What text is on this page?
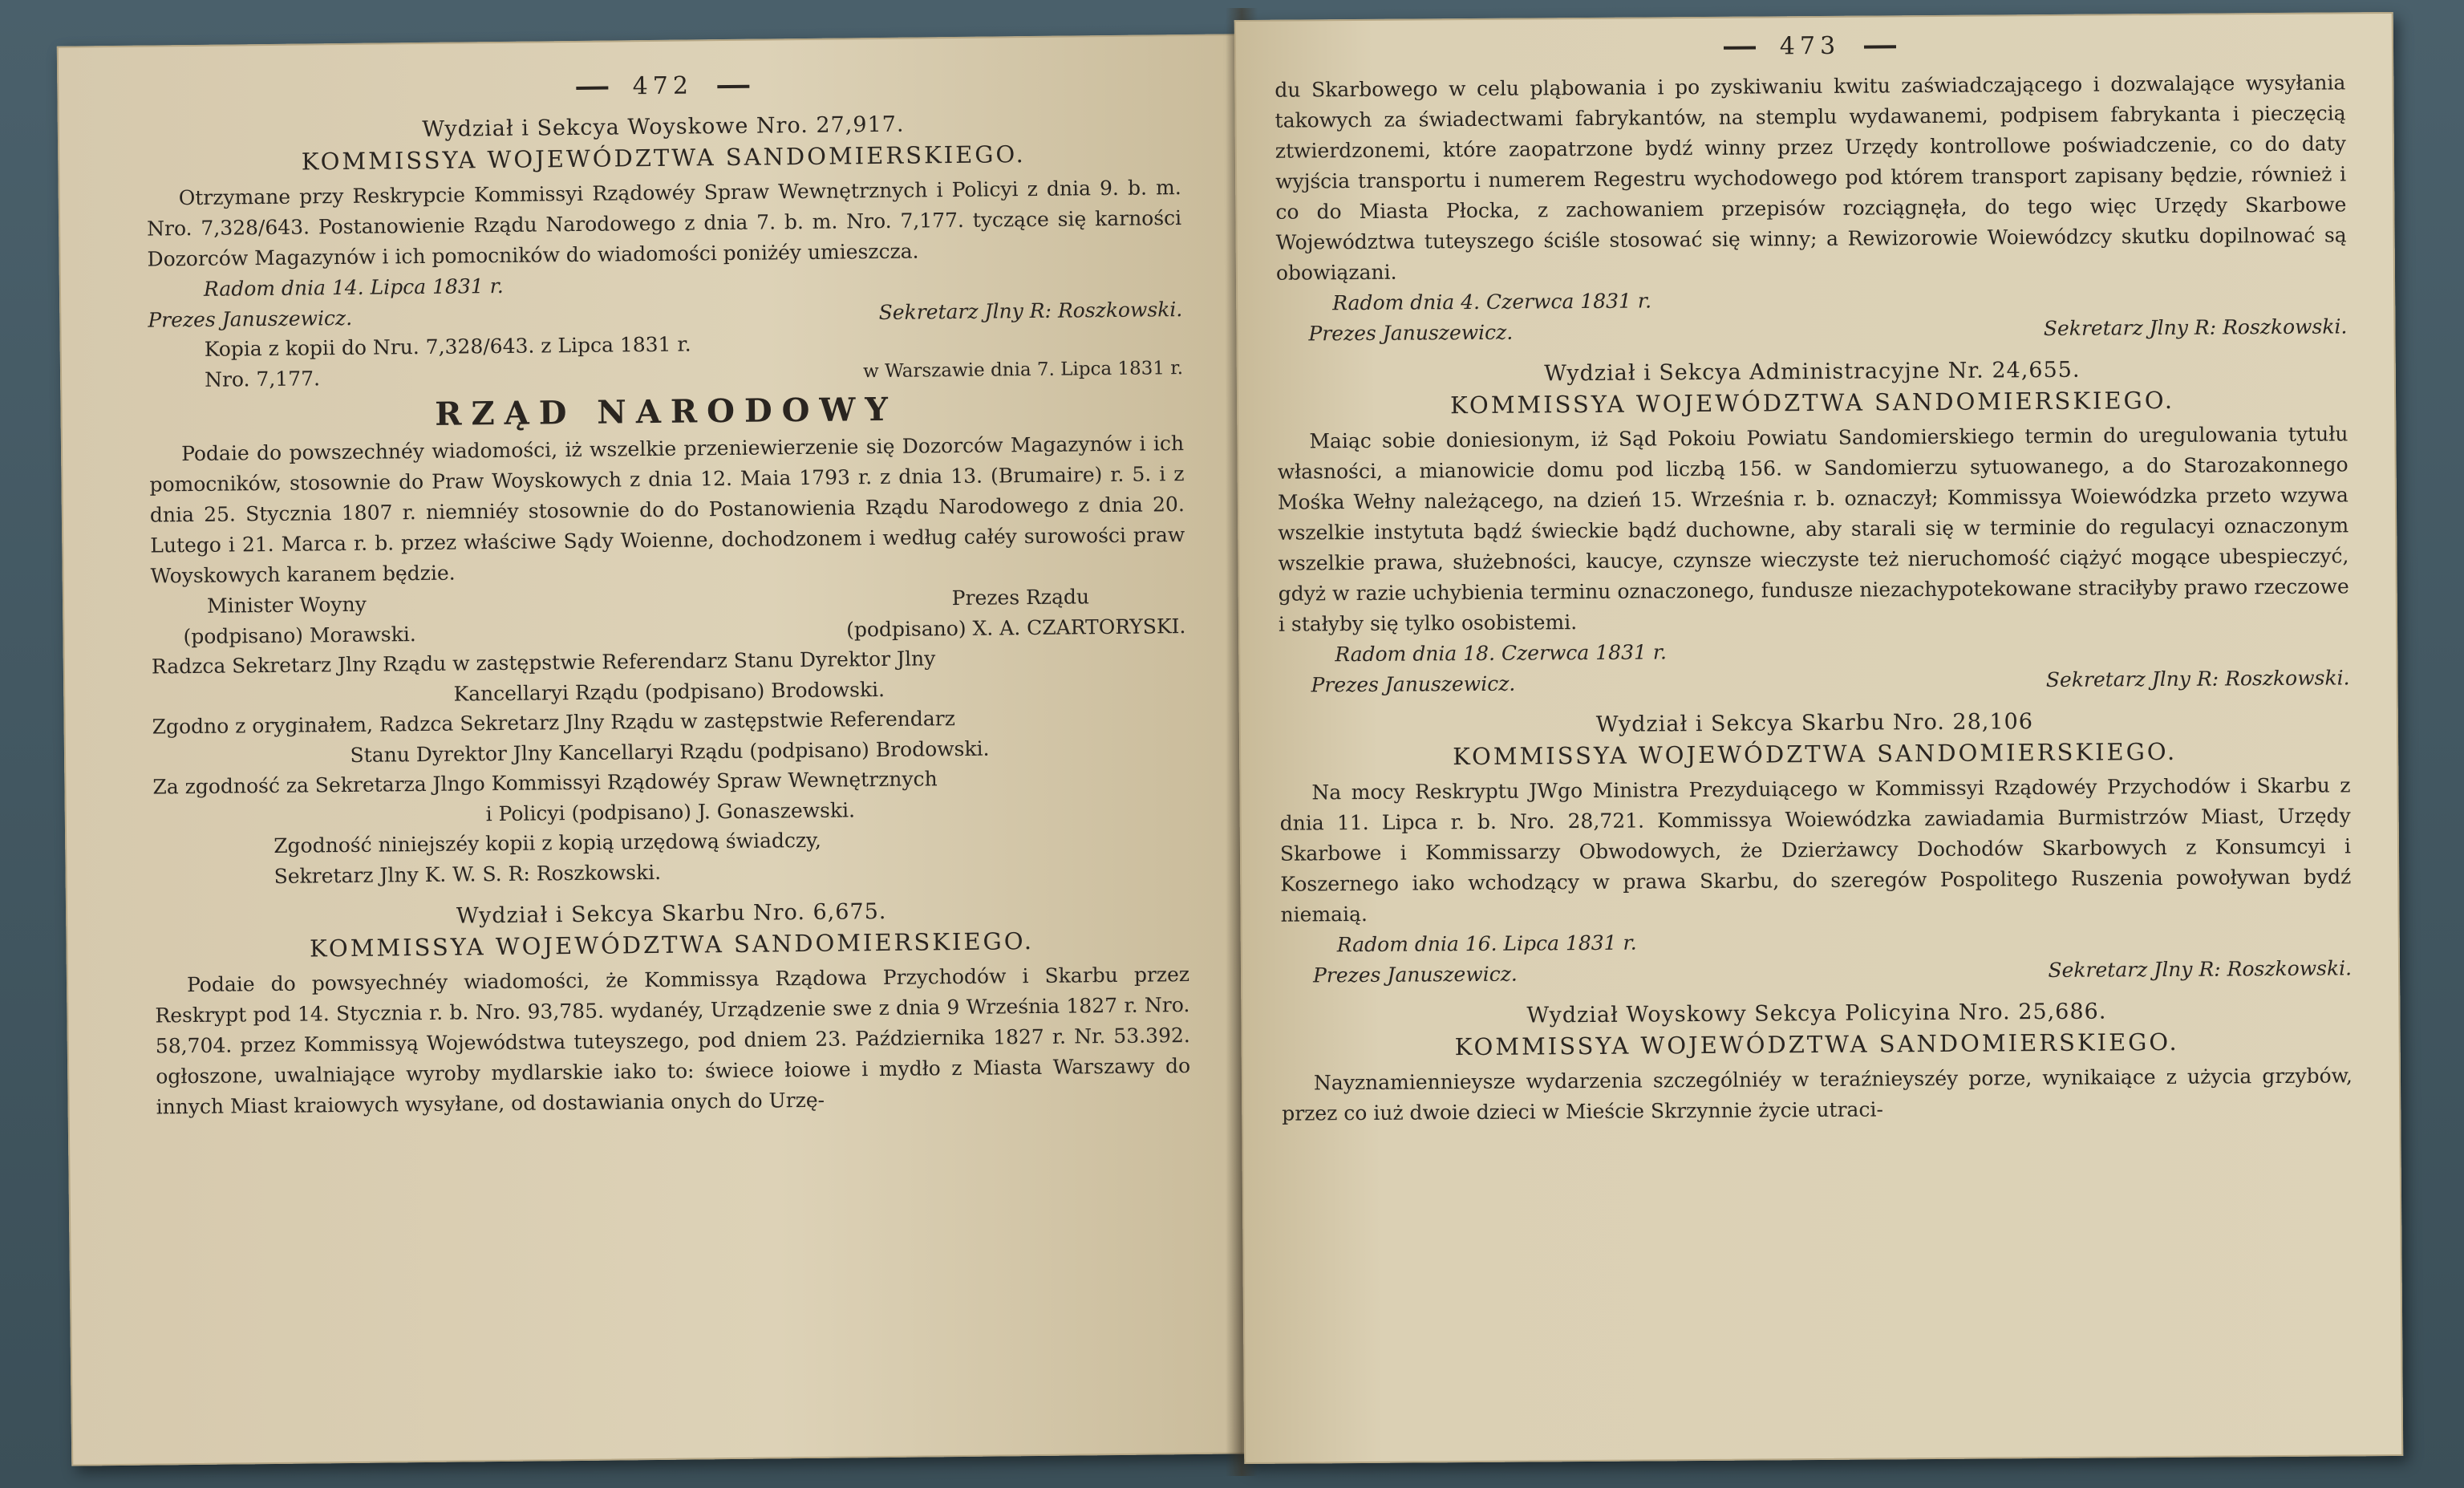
472
Wydział i Sekcya Woyskowe Nro. 27,917.
KOMMISSYA WOJEWÓDZTWA SANDOMIERSKIEGO.

Otrzymane przy Reskrypcie Kommissyi Rządowéy Spraw Wewnętrznych i Policyi z dnia 9. b. m. Nro. 7,328/643. Postanowienie Rządu Narodowego z dnia 7. b. m. Nro. 7,177. tyczące się karności Dozorców Magazynów i ich pomocników do wiadomości poniżéy umieszcza.

Radom dnia 14. Lipca 1831 r.

Prezes Januszewicz.	Sekretarz Jlny R: Roszkowski.

Kopia z kopii do Nru. 7,328/643. z Lipca 1831 r.

Nro. 7,177.	w Warszawie dnia 7. Lipca 1831 r.
RZĄD NARODOWY

Podaie do powszechnéy wiadomości, iż wszelkie przeniewierzenie się Dozorców Magazynów i ich pomocników, stosownie do Praw Woyskowych z dnia 12. Maia 1793 r. z dnia 13. (Brumaire) r. 5. i z dnia 25. Stycznia 1807 r. niemniéy stosownie do do Postanowienia Rządu Narodowego z dnia 20. Lutego i 21. Marca r. b. przez właściwe Sądy Woienne, dochodzonem i według całéy surowości praw Woyskowych karanem będzie.

Minister Woyny	Prezes Rządu
(podpisano) Morawski.	(podpisano) X. A. CZARTORYSKI.

Radzca Sekretarz Jlny Rządu w zastępstwie Referendarz Stanu Dyrektor Jlny

Kancellaryi Rządu (podpisano) Brodowski.

Zgodno z oryginałem, Radzca Sekretarz Jlny Rządu w zastępstwie Referendarz

Stanu Dyrektor Jlny Kancellaryi Rządu (podpisano) Brodowski.

Za zgodność za Sekretarza Jlngo Kommissyi Rządowéy Spraw Wewnętrznych

i Policyi (podpisano) J. Gonaszewski.

Zgodność niniejszéy kopii z kopią urzędową świadczy,

Sekretarz Jlny K. W. S. R: Roszkowski.

Wydział i Sekcya Skarbu Nro. 6,675.
KOMMISSYA WOJEWÓDZTWA SANDOMIERSKIEGO.

Podaie do powsyechnéy wiadomości, że Kommissya Rządowa Przychodów i Skarbu przez Reskrypt pod 14. Stycznia r. b. Nro. 93,785. wydanéy, Urządzenie swe z dnia 9 Września 1827 r. Nro. 58,704. przez Kommissyą Wojewódstwa tuteyszego, pod dniem 23. Października 1827 r. Nr. 53.392. ogłoszone, uwalniające wyroby mydlarskie iako to: świece łoiowe i mydło z Miasta Warszawy do innych Miast kraiowych wysyłane, od dostawiania onych do Urzę-

473

du Skarbowego w celu pląbowania i po zyskiwaniu kwitu zaświadczającego i dozwalające wysyłania takowych za świadectwami fabrykantów, na stemplu wydawanemi, podpisem fabrykanta i pieczęcią ztwierdzonemi, które zaopatrzone bydź winny przez Urzędy kontrollowe poświadczenie, co do daty wyjścia transportu i numerem Regestru wychodowego pod którem transport zapisany będzie, również i co do Miasta Płocka, z zachowaniem przepisów rozciągnęła, do tego więc Urzędy Skarbowe Województwa tuteyszego ściśle stosować się winny; a Rewizorowie Woiewódzcy skutku dopilnować są obowiązani.

Radom dnia 4. Czerwca 1831 r.

Prezes Januszewicz.	Sekretarz Jlny R: Roszkowski.
Wydział i Sekcya Administracyjne Nr. 24,655.
KOMMISSYA WOJEWÓDZTWA SANDOMIERSKIEGO.

Maiąc sobie doniesionym, iż Sąd Pokoiu Powiatu Sandomierskiego termin do uregulowania tytułu własności, a mianowicie domu pod liczbą 156. w Sandomierzu sytuowanego, a do Starozakonnego Mośka Wełny należącego, na dzień 15. Września r. b. oznaczył; Kommissya Woiewódzka przeto wzywa wszelkie instytuta bądź świeckie bądź duchowne, aby starali się w terminie do regulacyi oznaczonym wszelkie prawa, służebności, kaucye, czynsze wieczyste też nieruchomość ciążyć mogące ubespieczyć, gdyż w razie uchybienia terminu oznaczonego, fundusze niezachypotekowane straciłyby prawo rzeczowe i stałyby się tylko osobistemi.

Radom dnia 18. Czerwca 1831 r.

Prezes Januszewicz.	Sekretarz Jlny R: Roszkowski.
Wydział i Sekcya Skarbu Nro. 28,106
KOMMISSYA WOJEWÓDZTWA SANDOMIERSKIEGO.

Na mocy Reskryptu JWgo Ministra Prezyduiącego w Kommissyi Rządowéy Przychodów i Skarbu z dnia 11. Lipca r. b. Nro. 28,721. Kommissya Woiewódzka zawiadamia Burmistrzów Miast, Urzędy Skarbowe i Kommissarzy Obwodowych, że Dzierżawcy Dochodów Skarbowych z Konsumcyi i Koszernego iako wchodzący w prawa Skarbu, do szeregów Pospolitego Ruszenia powoływan bydź niemaią.

Radom dnia 16. Lipca 1831 r.

Prezes Januszewicz.	Sekretarz Jlny R: Roszkowski.
Wydział Woyskowy Sekcya Policyina Nro. 25,686.
KOMMISSYA WOJEWÓDZTWA SANDOMIERSKIEGO.

Nayznamiennieysze wydarzenia szczególniéy w teraźnieyszéy porze, wynikaiące z użycia grzybów, przez co iuż dwoie dzieci w Mieście Skrzynnie życie utraci-
